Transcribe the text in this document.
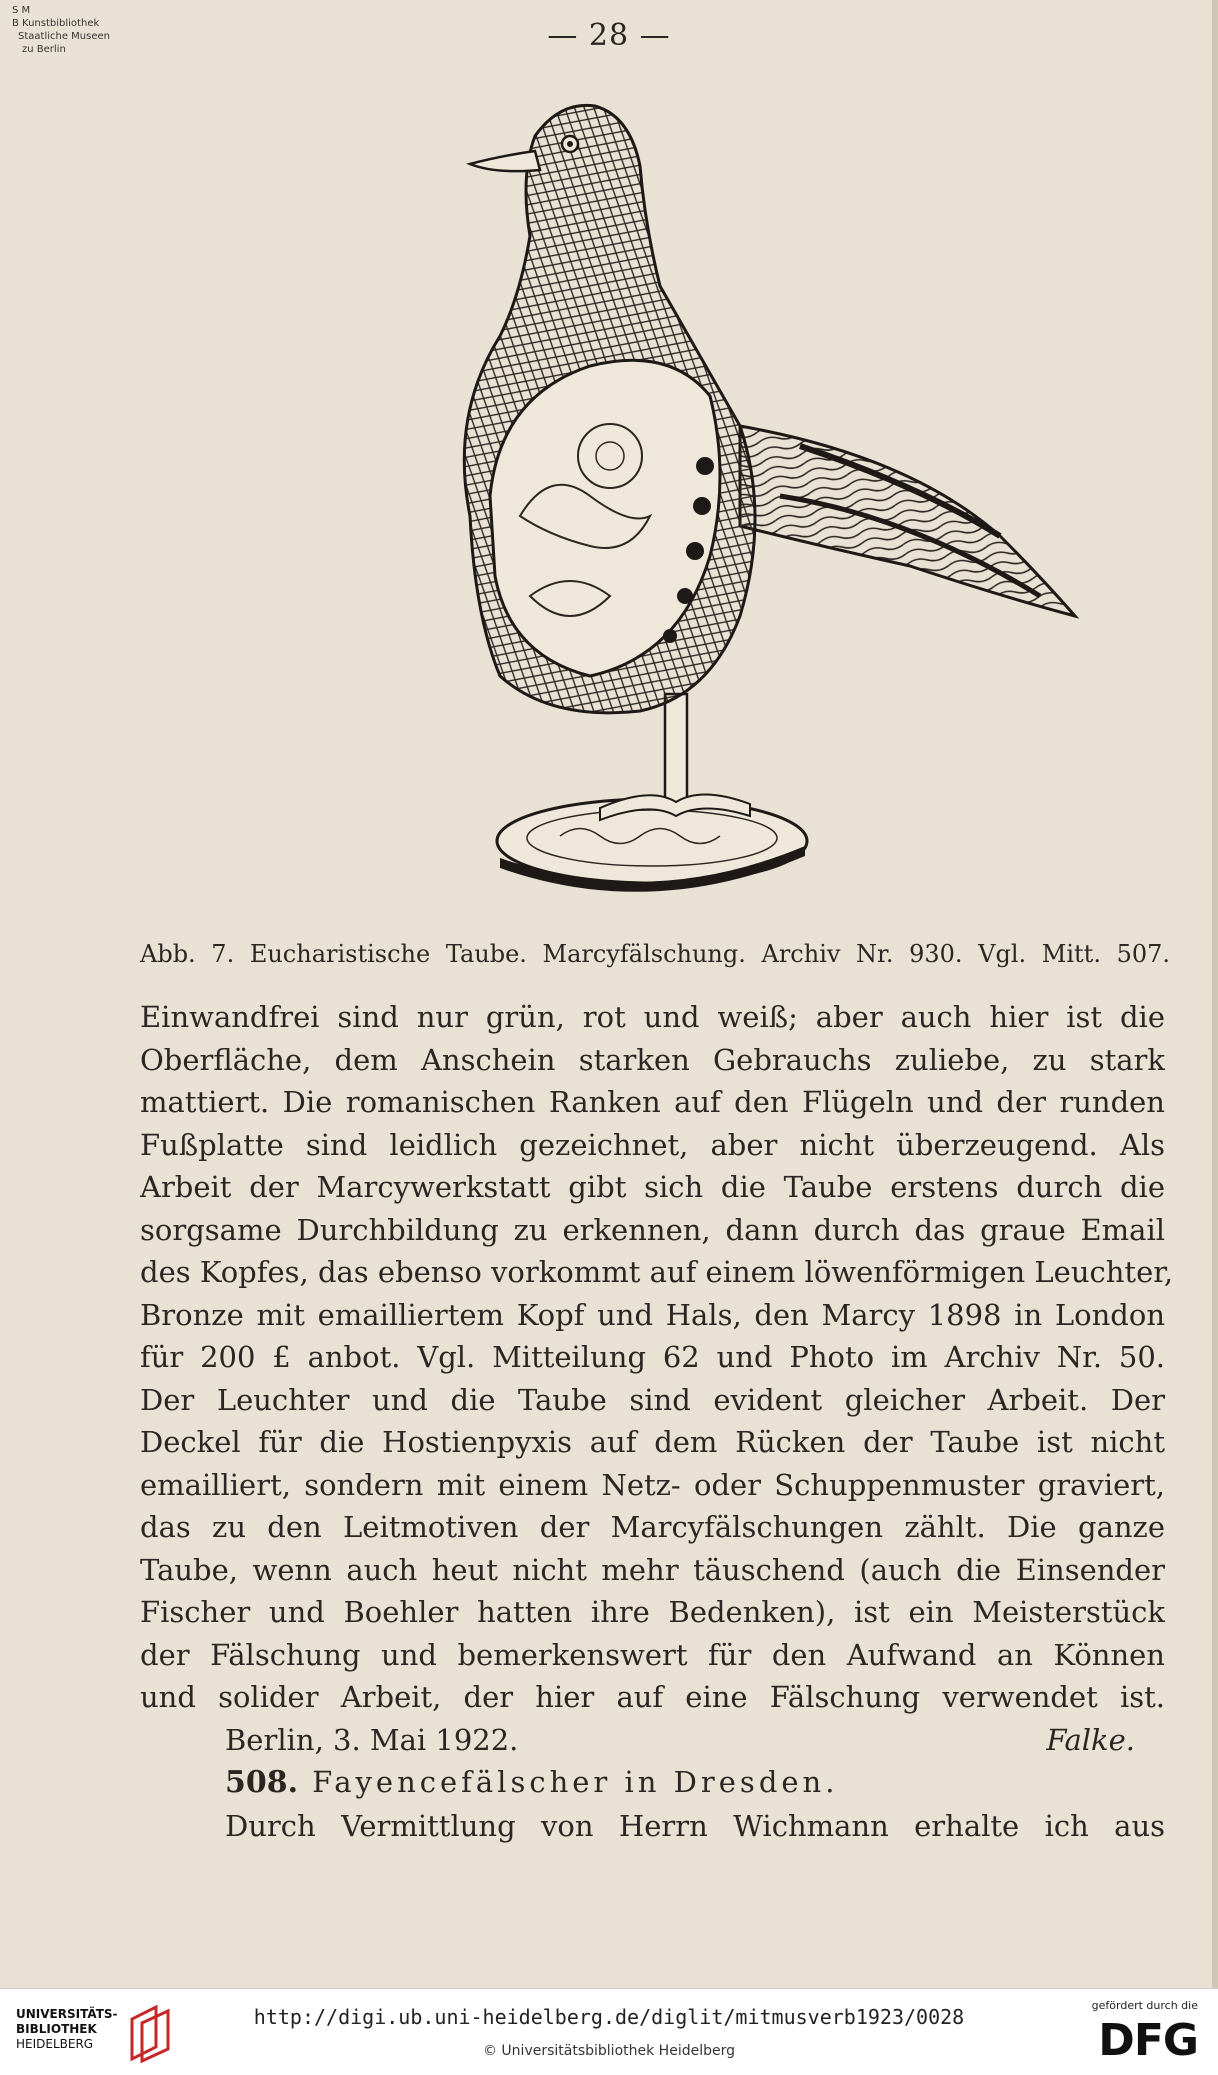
S M
B Kunstbibliothek
Staatliche Museen
zu Berlin	— 28 —
Abb. 7. Eucharistische Taube. Marcyfälschung. Archiv Nr. 930. Vgl. Mitt. 507.
Einwandfrei sind nur grün, rot und weiß; aber auch hier ist die
Oberfläche, dem Anschein starken Gebrauchs zuliebe, zu stark
mattiert. Die romanischen Ranken auf den Flügeln und der runden
Fußplatte sind leidlich gezeichnet, aber nicht überzeugend. Als
Arbeit der Marcywerkstatt gibt sich die Taube erstens durch die
sorgsame Durchbildung zu erkennen, dann durch das graue Email
des Kopfes, das ebenso vorkommt auf einem löwenförmigen Leuchter,
Bronze mit emailliertem Kopf und Hals, den Marcy 1898 in London
für 200 £ anbot. Vgl. Mitteilung 62 und Photo im Archiv Nr. 50.
Der Leuchter und die Taube sind evident gleicher Arbeit. Der
Deckel für die Hostienpyxis auf dem Rücken der Taube ist nicht
emailliert, sondern mit einem Netz- oder Schuppenmuster graviert,
das zu den Leitmotiven der Marcyfälschungen zählt. Die ganze
Taube, wenn auch heut nicht mehr täuschend (auch die Einsender
Fischer und Boehler hatten ihre Bedenken), ist ein Meisterstück
der Fälschung und bemerkenswert für den Aufwand an Können
und solider Arbeit, der hier auf eine Fälschung verwendet ist.
Berlin, 3. Mai 1922.	Falke.
508. Fayencefälscher in Dresden.
Durch Vermittlung von Herrn Wichmann erhalte ich aus
UNIVERSITÄTS-
BIBLIOTHEK
HEIDELBERG
http://digi.ub.uni-heidelberg.de/diglit/mitmusverb1923/0028
© Universitätsbibliothek Heidelberg
gefördert durch die
DFG
